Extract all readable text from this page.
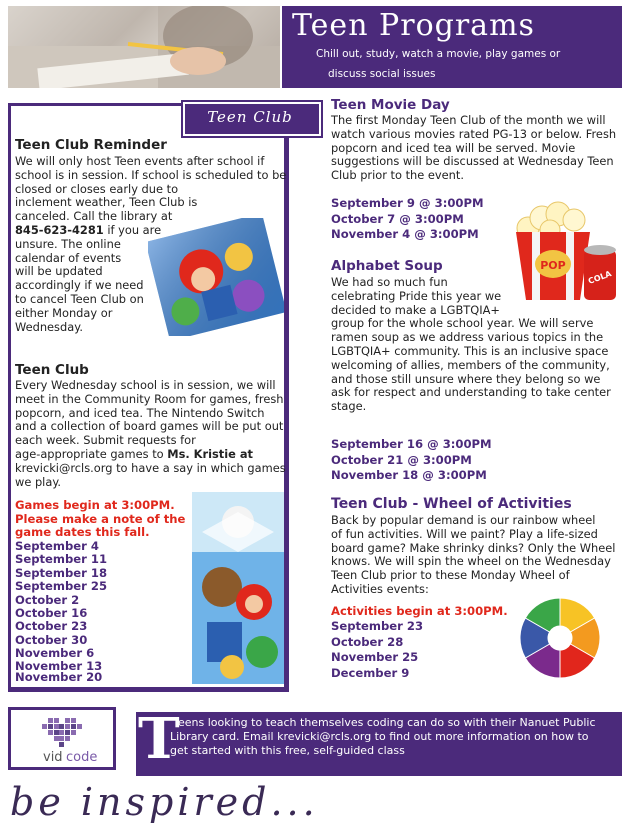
Teen Programs
Chill out, study, watch a movie, play games or
discuss social issues
Teen Club
Teen Club Reminder

We will only host Teen events after school if

school is in session. If school is scheduled to be

closed or closes early due to

inclement weather, Teen Club is

canceled. Call the library at

845-623-4281 if you are

unsure. The online

calendar of events

will be updated

accordingly if we need

to cancel Teen Club on

either Monday or

Wednesday.

Teen Club

Every Wednesday school is in session, we will

meet in the Community Room for games, fresh

popcorn, and iced tea. The Nintendo Switch

and a collection of board games will be put out

each week. Submit requests for

age-appropriate games to Ms. Kristie at

krevicki@rcls.org to have a say in which games

we play.

Games begin at 3:00PM.
Please make a note of the
game dates this fall.
September 4
September 11
September 18
September 25
October 2
October 16
October 23
October 30
November 6
November 13
November 20
Teen Movie Day

The first Monday Teen Club of the month we will

watch various movies rated PG-13 or below. Fresh

popcorn and iced tea will be served. Movie

suggestions will be discussed at Wednesday Teen

Club prior to the event.

September 9 @ 3:00PM
October 7 @ 3:00PM
November 4 @ 3:00PM
POP
COLA
Alphabet Soup

We had so much fun

celebrating Pride this year we

decided to make a LGBTQIA+

group for the whole school year. We will serve

ramen soup as we address various topics in the

LGBTQIA+ community. This is an inclusive space

welcoming of allies, members of the community,

and those still unsure where they belong so we

ask for respect and understanding to take center

stage.

September 16 @ 3:00PM
October 21 @ 3:00PM
November 18 @ 3:00PM
Teen Club - Wheel of Activities

Back by popular demand is our rainbow wheel

of fun activities. Will we paint? Play a life-sized

board game? Make shrinky dinks? Only the Wheel

knows. We will spin the wheel on the Wednesday

Teen Club prior to these Monday Wheel of

Activities events:

Activities begin at 3:00PM.
September 23
October 28
November 25
December 9
vid code T
eens looking to teach themselves coding can do so with their Nanuet Public
Library card. Email krevicki@rcls.org to find out more information on how to
get started with this free, self-guided class
be inspired...
